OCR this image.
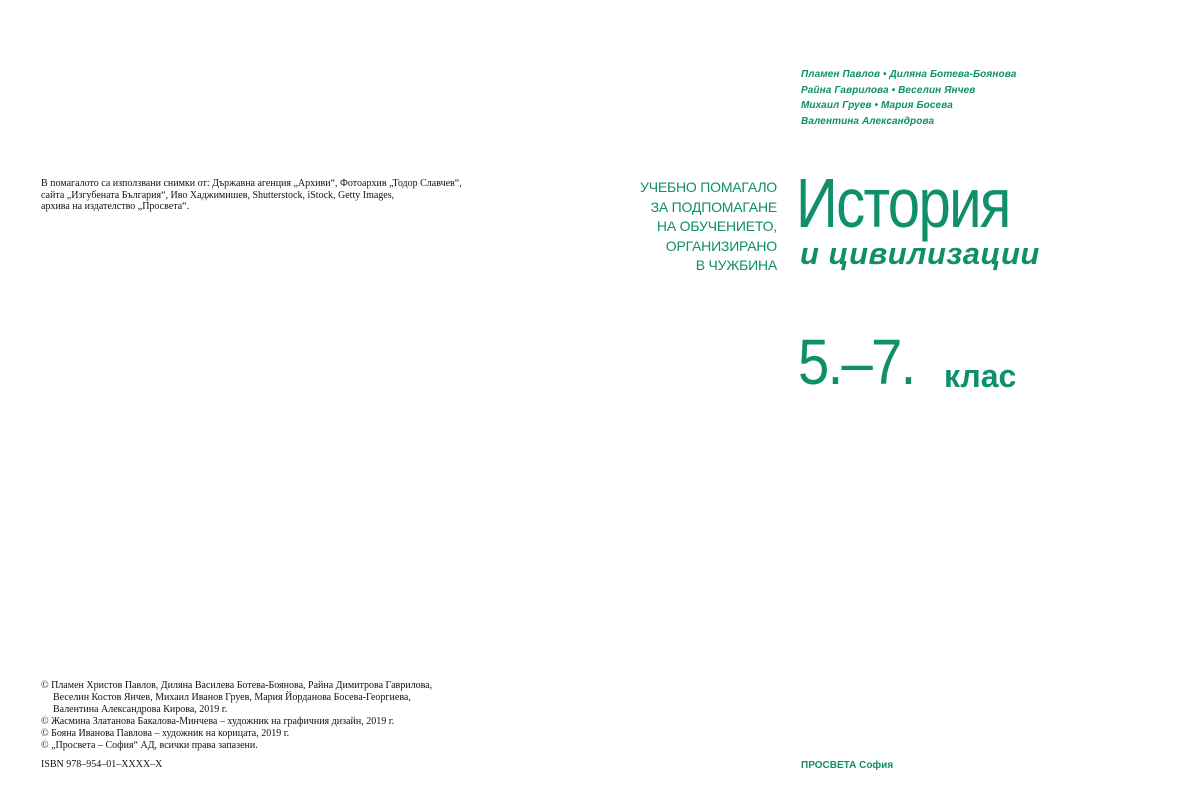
В помагалото са използвани снимки от: Държавна агенция „Архиви“, Фотоархив „Тодор Славчев“,
сайта „Изгубената България“, Иво Хаджимишев, Shutterstock, iStock, Getty Images,
архива на издателство „Просвета“.
© Пламен Христов Павлов, Диляна Василева Ботева-Боянова, Райна Димитрова Гаврилова,
Веселин Костов Янчев, Михаил Иванов Груев, Мария Йорданова Босева-Георгиева,
Валентина Александрова Кирова, 2019 г.
© Жасмина Златанова Бакалова-Минчева – художник на графичния дизайн, 2019 г.
© Бояна Иванова Павлова – художник на корицата, 2019 г.
© „Просвета – София“ АД, всички права запазени.
ISBN 978–954–01–XXXX–X
Пламен Павлов • Диляна Ботева-Боянова
Райна Гаврилова • Веселин Янчев
Михаил Груев • Мария Босева
Валентина Александрова
УЧЕБНО ПОМАГАЛО
ЗА ПОДПОМАГАНЕ
НА ОБУЧЕНИЕТО,
ОРГАНИЗИРАНО
В ЧУЖБИНА
История
и цивилизации
5.–7. клас
ПРОСВЕТА София
